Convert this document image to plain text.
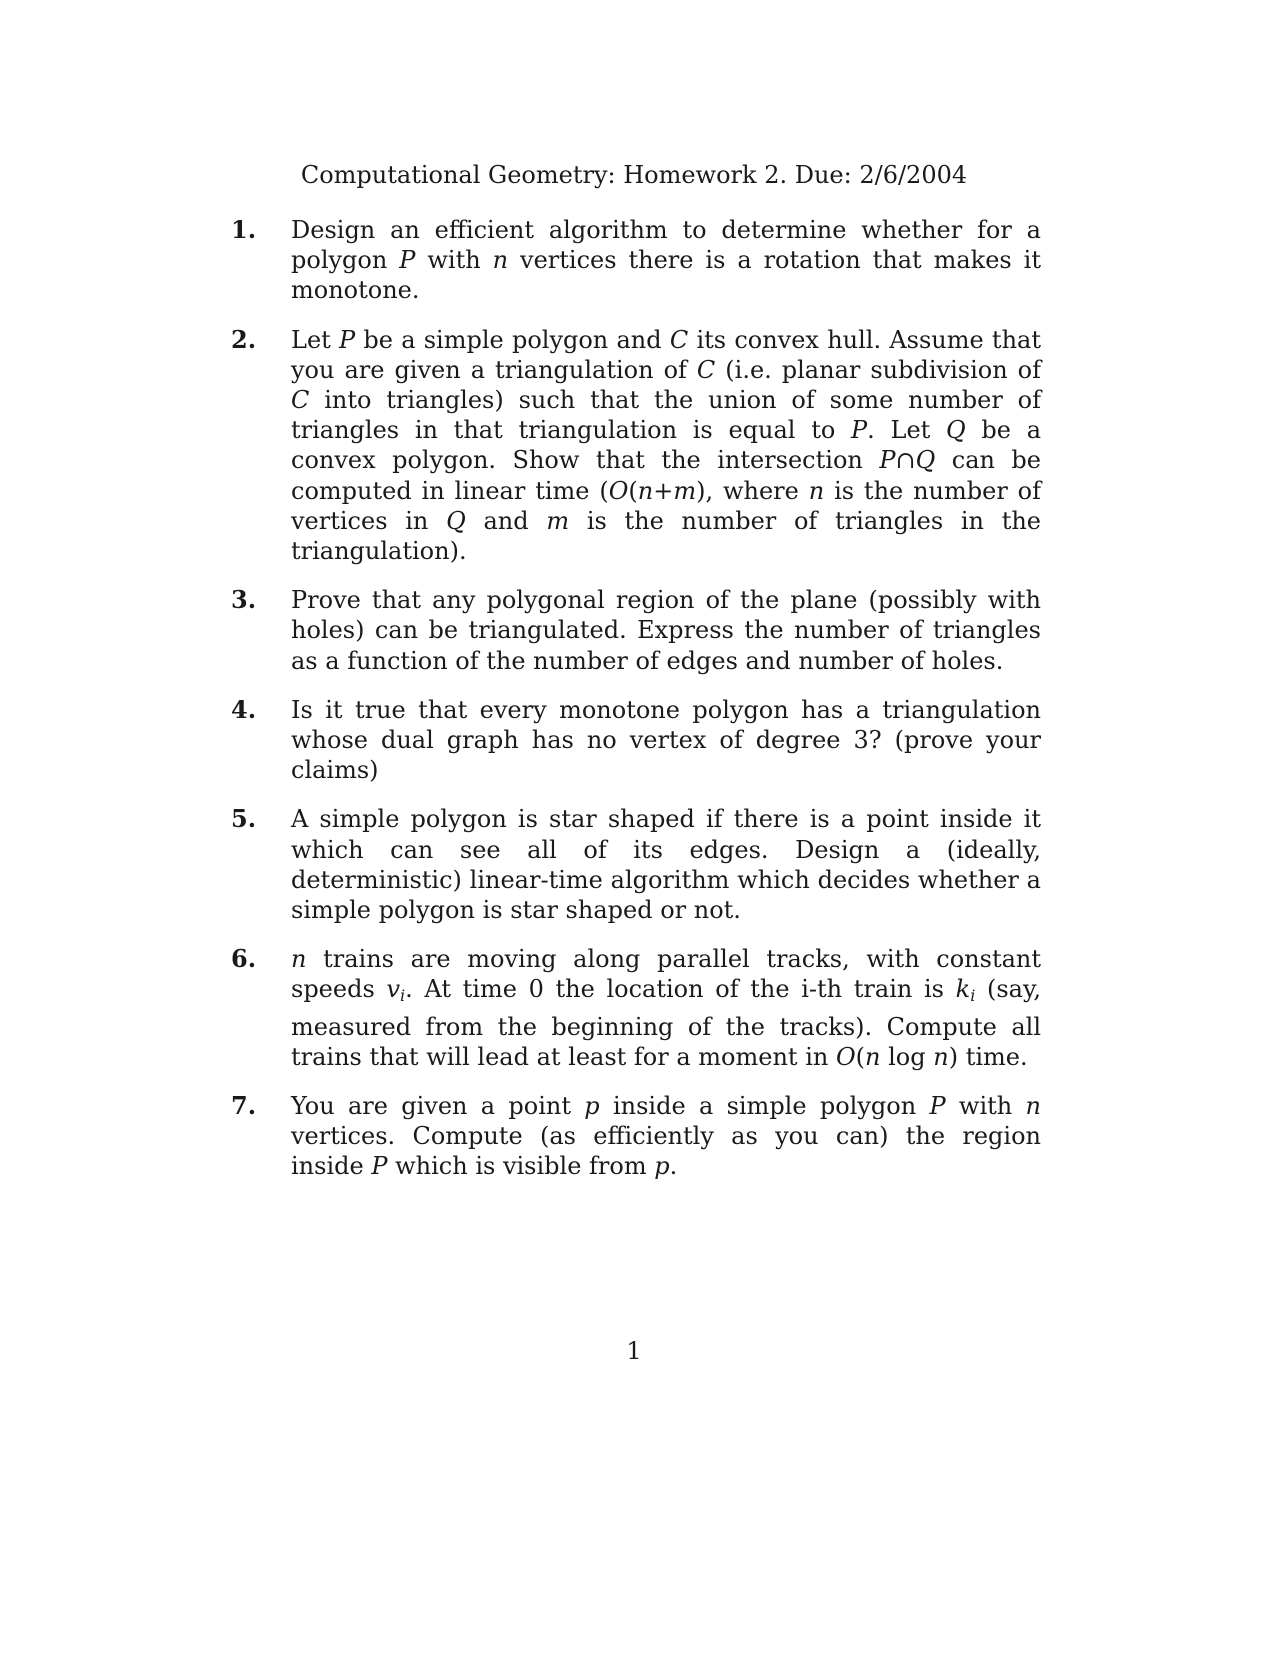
Computational Geometry: Homework 2. Due: 2/6/2004
1. Design an efficient algorithm to determine whether for a polygon P with n vertices there is a rotation that makes it monotone.

2. Let P be a simple polygon and C its convex hull. Assume that you are given a triangulation of C (i.e. planar subdivision of C into triangles) such that the union of some number of triangles in that triangulation is equal to P. Let Q be a convex polygon. Show that the intersection P∩Q can be computed in linear time (O(n+m), where n is the number of vertices in Q and m is the number of triangles in the triangulation).

3. Prove that any polygonal region of the plane (possibly with holes) can be triangulated. Express the number of triangles as a function of the number of edges and number of holes.

4. Is it true that every monotone polygon has a triangulation whose dual graph has no vertex of degree 3? (prove your claims)

5. A simple polygon is star shaped if there is a point inside it which can see all of its edges. Design a (ideally, deterministic) linear-time algorithm which decides whether a simple polygon is star shaped or not.

6. n trains are moving along parallel tracks, with constant speeds $v_i$. At time 0 the location of the i-th train is $k_i$ (say, measured from the beginning of the tracks). Compute all trains that will lead at least for a moment in O(n log n) time.

7. You are given a point p inside a simple polygon P with n vertices. Compute (as efficiently as you can) the region inside P which is visible from p.

1
